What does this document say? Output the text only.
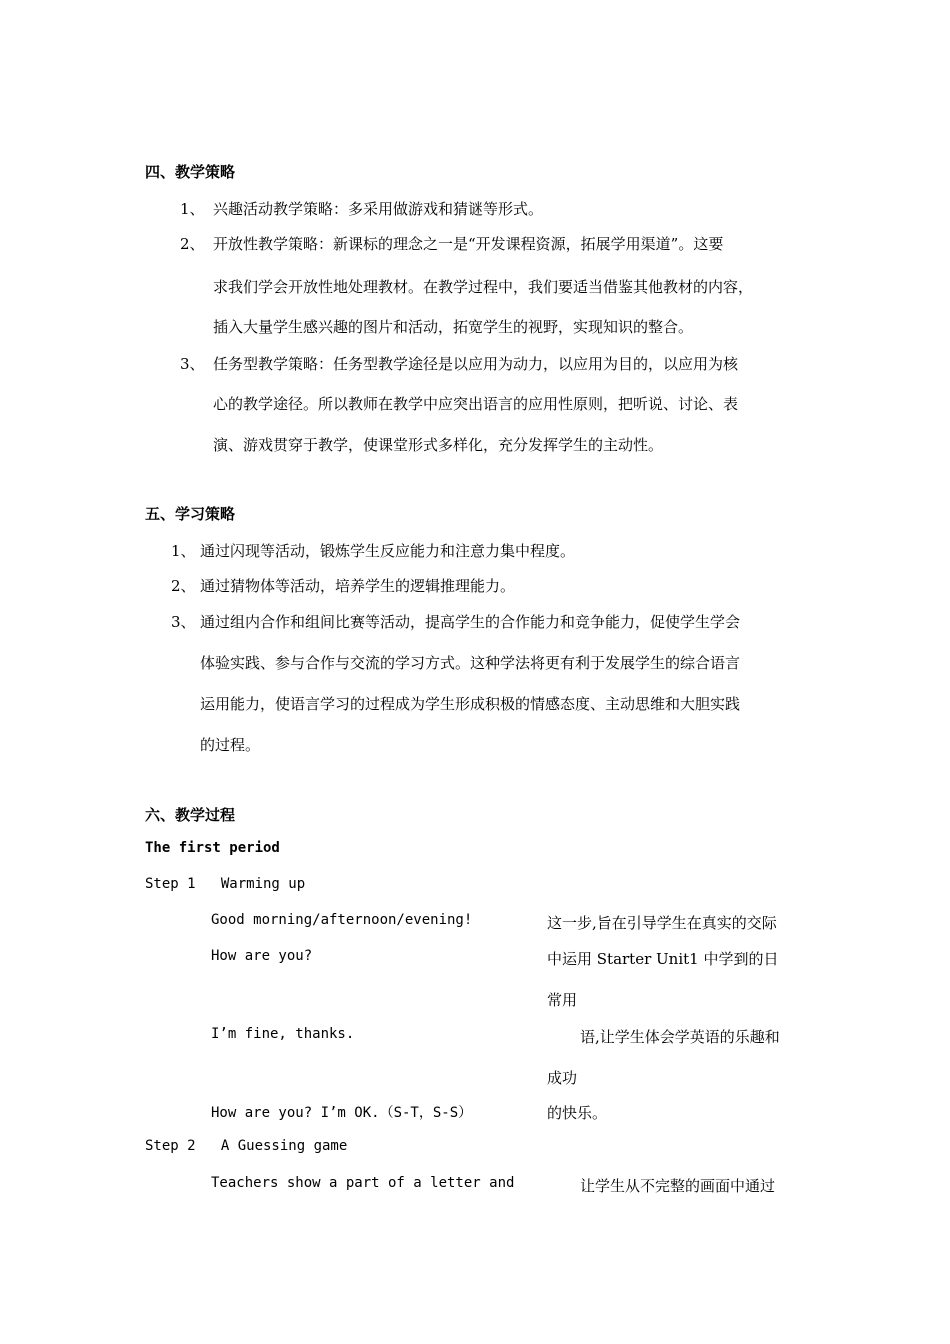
四、教学策略
1、 兴趣活动教学策略：多采用做游戏和猜谜等形式。
2、 开放性教学策略：新课标的理念之一是“开发课程资源，拓展学用渠道”。这要
求我们学会开放性地处理教材。在教学过程中，我们要适当借鉴其他教材的内容，
插入大量学生感兴趣的图片和活动，拓宽学生的视野，实现知识的整合。
3、 任务型教学策略：任务型教学途径是以应用为动力，以应用为目的，以应用为核
心的教学途径。所以教师在教学中应突出语言的应用性原则，把听说、讨论、表
演、游戏贯穿于教学，使课堂形式多样化，充分发挥学生的主动性。
五、学习策略
1、 通过闪现等活动，锻炼学生反应能力和注意力集中程度。
2、 通过猜物体等活动，培养学生的逻辑推理能力。
3、 通过组内合作和组间比赛等活动，提高学生的合作能力和竞争能力，促使学生学会
体验实践、参与合作与交流的学习方式。这种学法将更有利于发展学生的综合语言
运用能力，使语言学习的过程成为学生形成积极的情感态度、主动思维和大胆实践
的过程。
六、教学过程
The first period
Step 1   Warming up
Good morning/afternoon/evening!
How are you?
I’m fine, thanks.
How are you? I’m OK.（S-T，S-S）
这一步,旨在引导学生在真实的交际
中运用 Starter Unit1 中学到的日
常用
语,让学生体会学英语的乐趣和
成功
的快乐。
Step 2   A Guessing game
Teachers show a part of a letter and	让学生从不完整的画面中通过
